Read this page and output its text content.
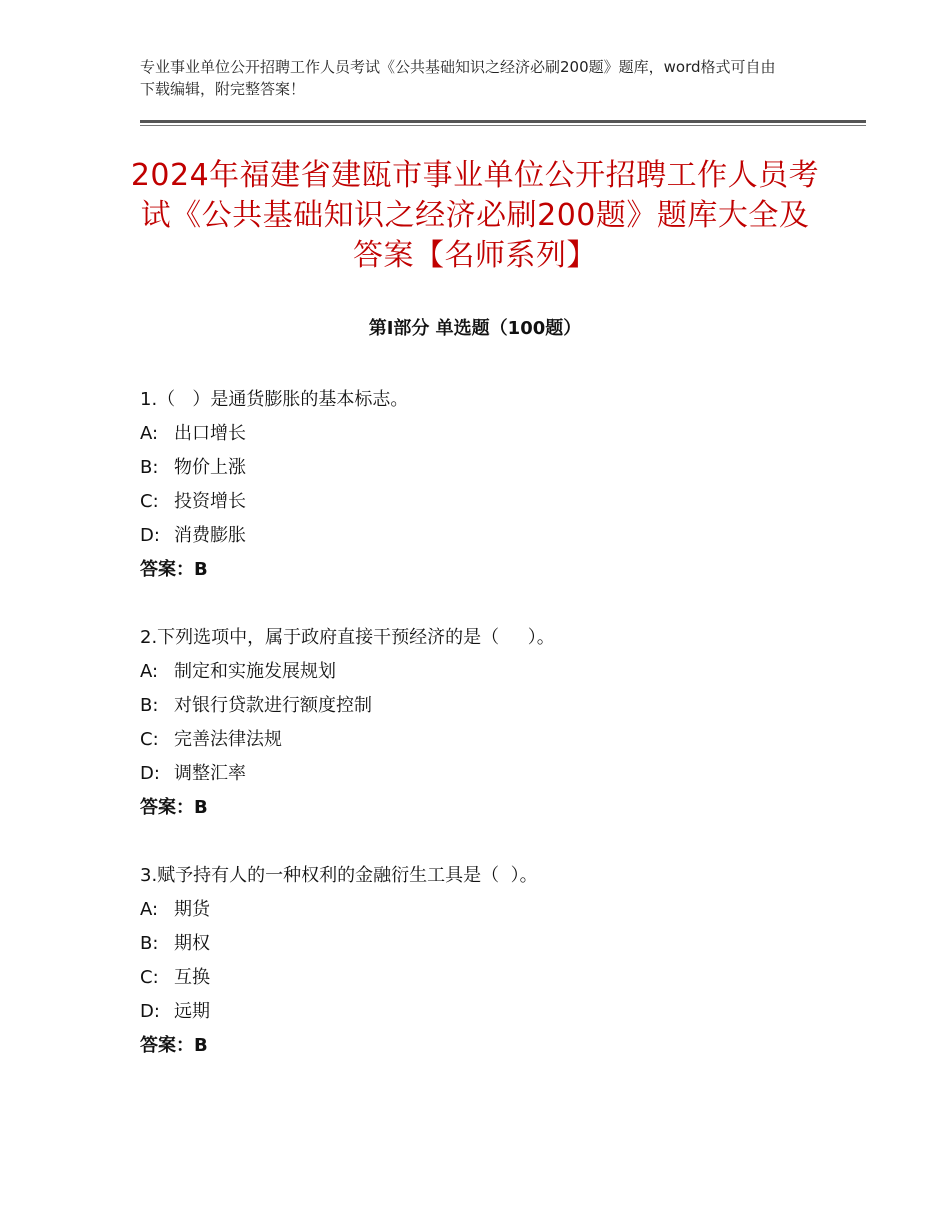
专业事业单位公开招聘工作人员考试《公共基础知识之经济必刷200题》题库，word格式可自由下载编辑，附完整答案！
2024年福建省建瓯市事业单位公开招聘工作人员考试《公共基础知识之经济必刷200题》题库大全及答案【名师系列】
第I部分 单选题（100题）
1.（   ）是通货膨胀的基本标志。
A: 出口增长
B: 物价上涨
C: 投资增长
D: 消费膨胀
答案：B
2.下列选项中，属于政府直接干预经济的是（     ）。
A: 制定和实施发展规划
B: 对银行贷款进行额度控制
C: 完善法律法规
D: 调整汇率
答案：B
3.赋予持有人的一种权利的金融衍生工具是（  ）。
A: 期货
B: 期权
C: 互换
D: 远期
答案：B
